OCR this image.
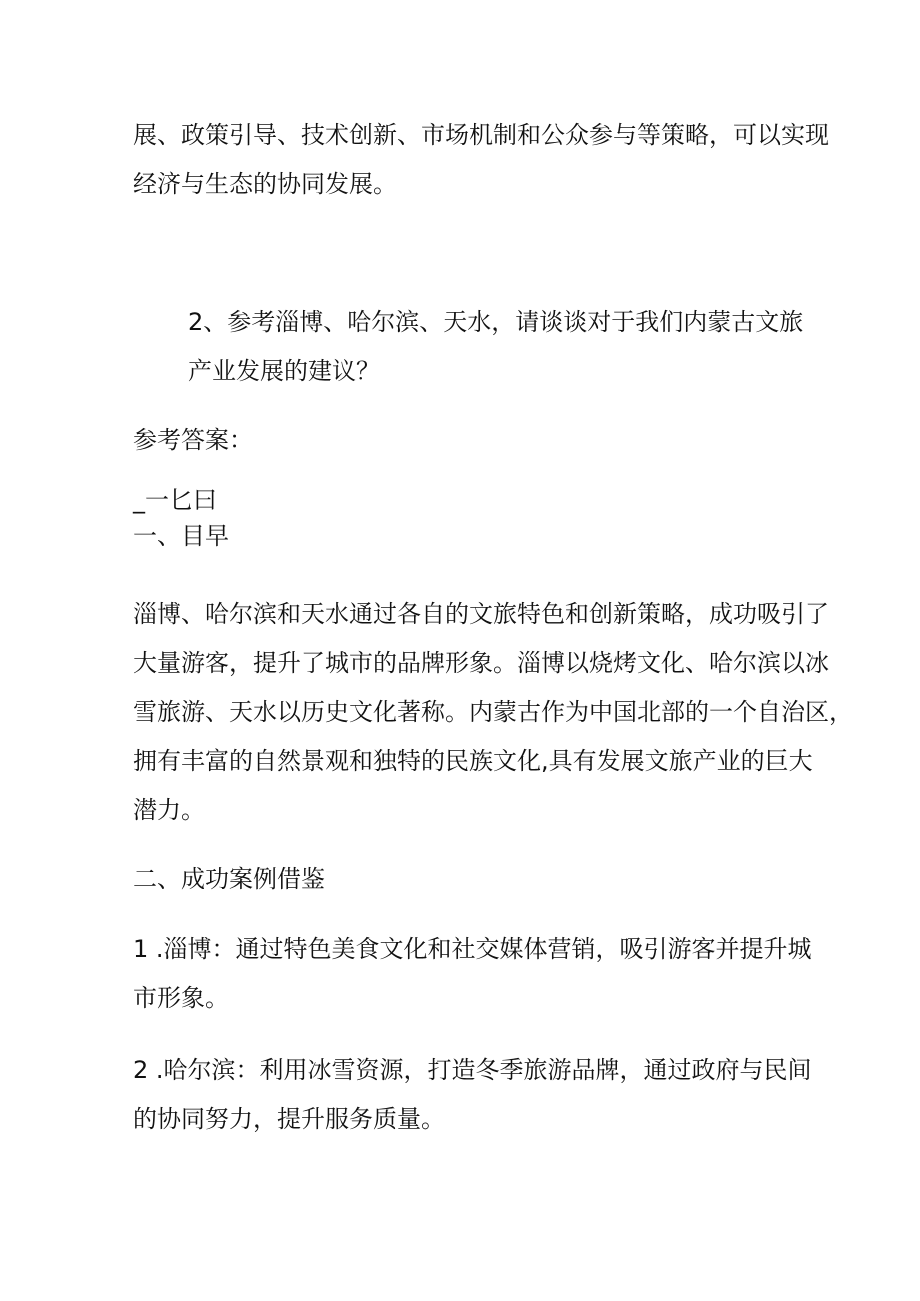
展、政策引导、技术创新、市场机制和公众参与等策略，可以实现
经济与生态的协同发展。
2、参考淄博、哈尔滨、天水，请谈谈对于我们内蒙古文旅
产业发展的建议？
参考答案：
_一匕曰
一、目早
淄博、哈尔滨和天水通过各自的文旅特色和创新策略，成功吸引了
大量游客，提升了城市的品牌形象。淄博以烧烤文化、哈尔滨以冰
雪旅游、天水以历史文化著称。内蒙古作为中国北部的一个自治区，
拥有丰富的自然景观和独特的民族文化,具有发展文旅产业的巨大
潜力。
二、成功案例借鉴
1 .淄博：通过特色美食文化和社交媒体营销，吸引游客并提升城
市形象。
2 .哈尔滨：利用冰雪资源，打造冬季旅游品牌，通过政府与民间
的协同努力，提升服务质量。
